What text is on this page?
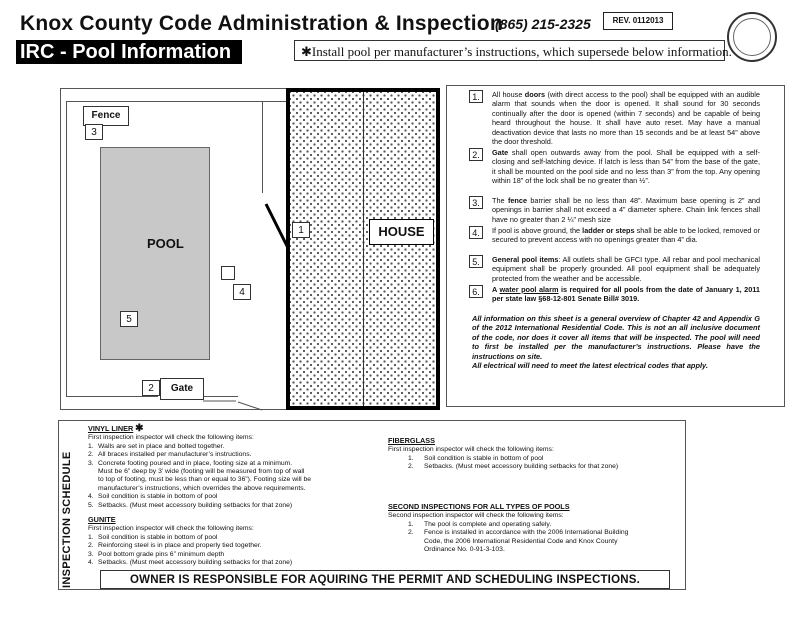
Knox County Code Administration & Inspection
(865) 215-2325	REV. 0112013
IRC - Pool Information	✱Install pool per manufacturer’s instructions, which supersede below information.
HOUSE
POOL
Fence
3
2	Gate
1
4
5
1.	All house doors (with direct access to the pool) shall be equipped with an audible alarm that sounds when the door is opened. It shall sound for 30 seconds continually after the door is opened (within 7 seconds) and be capable of being heard throughout the house. It shall have auto reset. May have a manual deactivation device that lasts no more than 15 seconds and be at least 54” above the door threshold.
2.	Gate shall open outwards away from the pool. Shall be equipped with a self-closing and self-latching device. If latch is less than 54” from the base of the gate, it shall be mounted on the pool side and no less than 3” from the top. Any opening within 18” of the lock shall be no greater than ½”.
3.	The fence barrier shall be no less than 48”. Maximum base opening is 2” and openings in barrier shall not exceed a 4” diameter sphere. Chain link fences shall have no greater than 2 ¼” mesh size
4.	If pool is above ground, the ladder or steps shall be able to be locked, removed or secured to prevent access with no openings greater than 4” dia.
5.	General pool items: All outlets shall be GFCI type. All rebar and pool mechanical equipment shall be properly grounded. All pool equipment shall be adequately protected from the weather and be accessible.
6.	A water pool alarm is required for all pools from the date of January 1, 2011 per state law §68-12-801 Senate Bill# 3019.
All information on this sheet is a general overview of Chapter 42 and Appendix G of the 2012 International Residential Code. This is not an all inclusive document of the code, nor does it cover all items that will be inspected. The pool will need to first be installed per the manufacturer’s instructions. Please have the instructions on site.
All electrical will need to meet the latest electrical codes that apply.
INSPECTION SCHEDULE
VINYL LINER ✱
First inspection inspector will check the following items:
1. Walls are set in place and bolted together.
2. All braces installed per manufacturer’s instructions.
3. Concrete footing poured and in place, footing size at a minimum.
Must be 6” deep by 3’ wide (footing will be measured from top of wall
to top of footing, must be less than or equal to 36”). Footing size will be
manufacturer’s instructions, which overrides the above requirements.
4. Soil condition is stable in bottom of pool
5. Setbacks. (Must meet accessory building setbacks for that zone)
GUNITE
First inspection inspector will check the following items:
1. Soil condition is stable in bottom of pool
2. Reinforcing steel is in place and properly tied together.
3. Pool bottom grade pins 6” minimum depth
4. Setbacks. (Must meet accessory building setbacks for that zone)
FIBERGLASS
First inspection inspector will check the following items:
1. Soil condition is stable in bottom of pool
2. Setbacks. (Must meet accessory building setbacks for that zone)
SECOND INSPECTIONS FOR ALL TYPES OF POOLS
Second inspection inspector will check the following items:
1. The pool is complete and operating safely.
2. Fence is installed in accordance with the 2006 International Building Code, the 2006 International Residential Code and Knox County Ordinance No. 0-91-3-103.
OWNER IS RESPONSIBLE FOR AQUIRING THE PERMIT AND SCHEDULING INSPECTIONS.
